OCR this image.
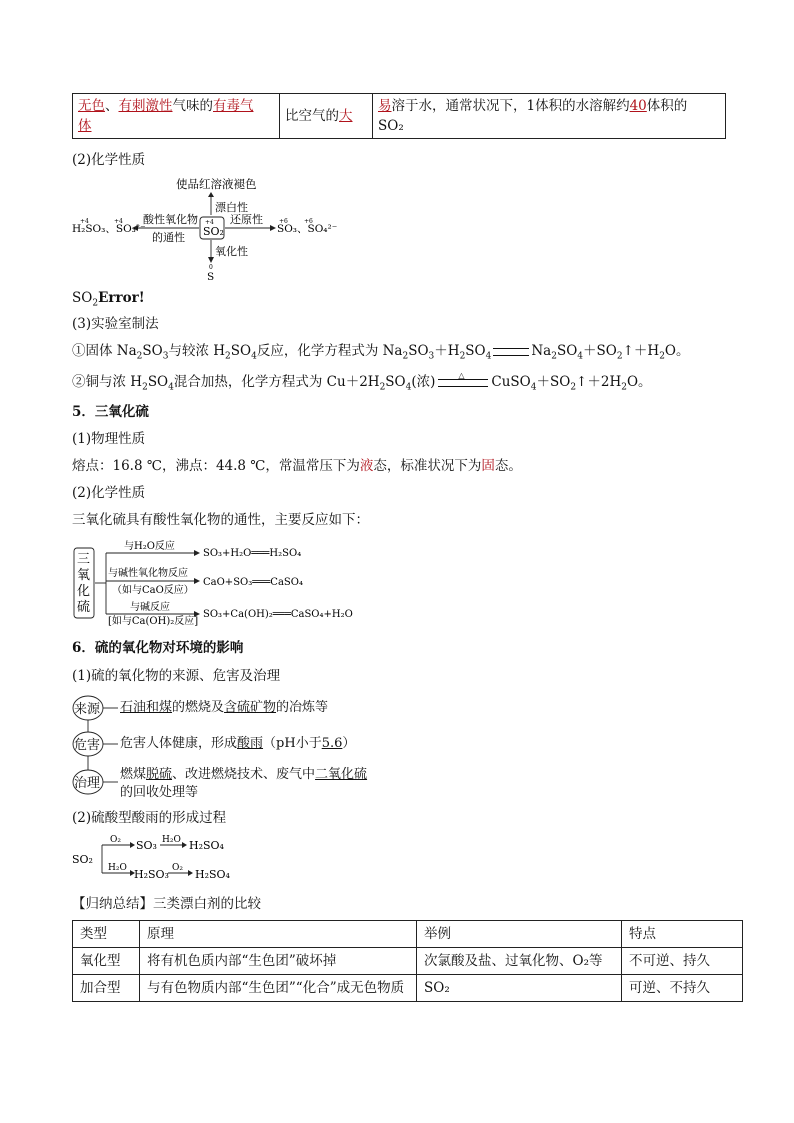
无色、有刺激性气味的有毒气
体	比空气的大	易溶于水，通常状况下，1体积的水溶解约40体积的
SO₂
(2)化学性质
使品红溶液褪色
漂白性
+4
SO₂
酸性氧化物
的通性
+4	+4
H₂SO₃、SO₃²⁻
还原性	+6	+6
SO₃、SO₄²⁻
氧化性
0
S
$SO_2Error$!
(3)实验室制法
①固体 $Na_2SO_3$与较浓 $H_2SO_4$反应，化学方程式为 $Na_2SO_3+H_2SO_4$	$Na_2SO_4+SO_2↑+H_2O$。
②铜与浓 $H_2SO_4$混合加热，化学方程式为 $Cu+2H_2SO_4$(浓)	△ $CuSO_4+SO_2↑+2H_2O$。
5．三氧化硫
(1)物理性质
熔点：16.8 ℃，沸点：44.8 ℃，常温常压下为液态，标准状况下为固态。
(2)化学性质
三氧化硫具有酸性氧化物的通性，主要反应如下：
三
氧
化
硫
与H₂O反应
SO₃+H₂O═══H₂SO₄
与碱性氧化物反应
（如与CaO反应）
CaO+SO₃═══CaSO₄
与碱反应
[如与Ca(OH)₂反应]
SO₃+Ca(OH)₂═══CaSO₄+H₂O
6．硫的氧化物对环境的影响
(1)硫的氧化物的来源、危害及治理
来源
危害
治理
石油和煤的燃烧及含硫矿物的冶炼等
危害人体健康，形成酸雨（pH小于5.6）
燃煤脱硫、改进燃烧技术、废气中二氧化硫
的回收处理等
(2)硫酸型酸雨的形成过程
SO₂
O₂ SO₃ H₂O H₂SO₄
H₂O H₂SO₃ O₂ H₂SO₄
【归纳总结】三类漂白剂的比较
类型	原理	举例	特点
氧化型	将有机色质内部“生色团”破坏掉	次氯酸及盐、过氧化物、O₂等	不可逆、持久
加合型	与有色物质内部“生色团”“化合”成无色物质	SO₂	可逆、不持久
